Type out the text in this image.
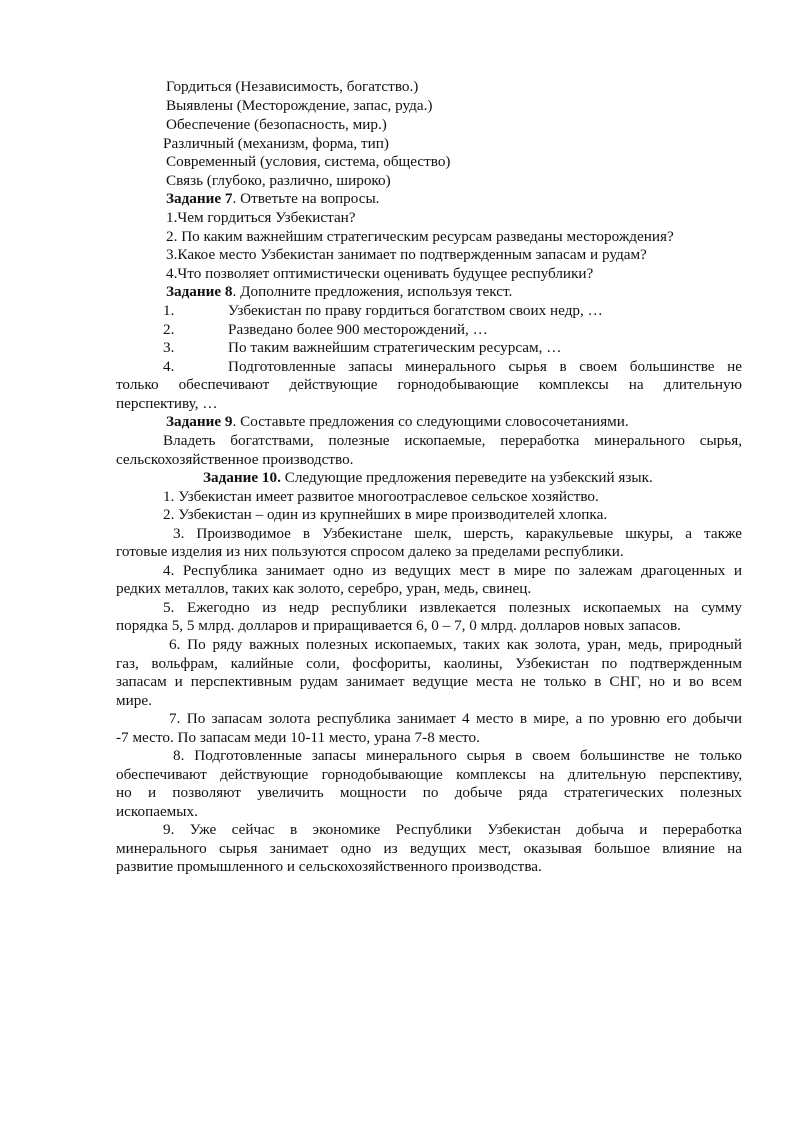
Гордиться (Независимость, богатство.)
Выявлены (Месторождение, запас, руда.)
Обеспечение (безопасность, мир.)
Различный (механизм, форма, тип)
Современный (условия, система, общество)
Связь (глубоко, различно, широко)
Задание 7. Ответьте на вопросы.
1.Чем гордиться Узбекистан?
2. По каким важнейшим стратегическим ресурсам разведаны месторождения?
3.Какое место Узбекистан занимает по подтвержденным запасам и рудам?
4.Что позволяет оптимистически оценивать будущее республики?
Задание 8. Дополните предложения, используя текст.
1.	Узбекистан по праву гордиться богатством своих недр, …
2.	Разведано более 900 месторождений, …
3.	По таким важнейшим стратегическим ресурсам, …
4.	Подготовленные запасы минерального сырья в своем большинстве не
только обеспечивают действующие горнодобывающие комплексы на длительную
перспективу, …
Задание 9. Составьте предложения со следующими словосочетаниями.
Владеть богатствами, полезные ископаемые, переработка минерального сырья,
сельскохозяйственное производство.
Задание 10. Следующие предложения переведите на узбекский язык.
1. Узбекистан имеет развитое многоотраслевое сельское хозяйство.
2. Узбекистан – один из крупнейших в мире производителей хлопка.
3. Производимое в Узбекистане шелк, шерсть, каракульевые шкуры, а также
готовые изделия из них пользуются спросом далеко за пределами республики.
4. Республика занимает одно из ведущих мест в мире по залежам драгоценных и
редких металлов, таких как золото, серебро, уран, медь, свинец.
5. Ежегодно из недр республики извлекается полезных ископаемых на сумму
порядка 5, 5 млрд. долларов и приращивается 6, 0 – 7, 0 млрд. долларов новых запасов.
6. По ряду важных полезных ископаемых, таких как золота, уран, медь, природный
газ, вольфрам, калийные соли, фосфориты, каолины, Узбекистан по подтвержденным
запасам и перспективным рудам занимает ведущие места не только в СНГ, но и во всем
мире.
7. По запасам золота республика занимает 4 место в мире, а по уровню его добычи
-7 место. По запасам меди 10-11 место, урана 7-8 место.
8. Подготовленные запасы минерального сырья в своем большинстве не только
обеспечивают действующие горнодобывающие комплексы на длительную перспективу,
но и позволяют увеличить мощности по добыче ряда стратегических полезных
ископаемых.
9. Уже сейчас в экономике Республики Узбекистан добыча и переработка
минерального сырья занимает одно из ведущих мест, оказывая большое влияние на
развитие промышленного и сельскохозяйственного производства.
